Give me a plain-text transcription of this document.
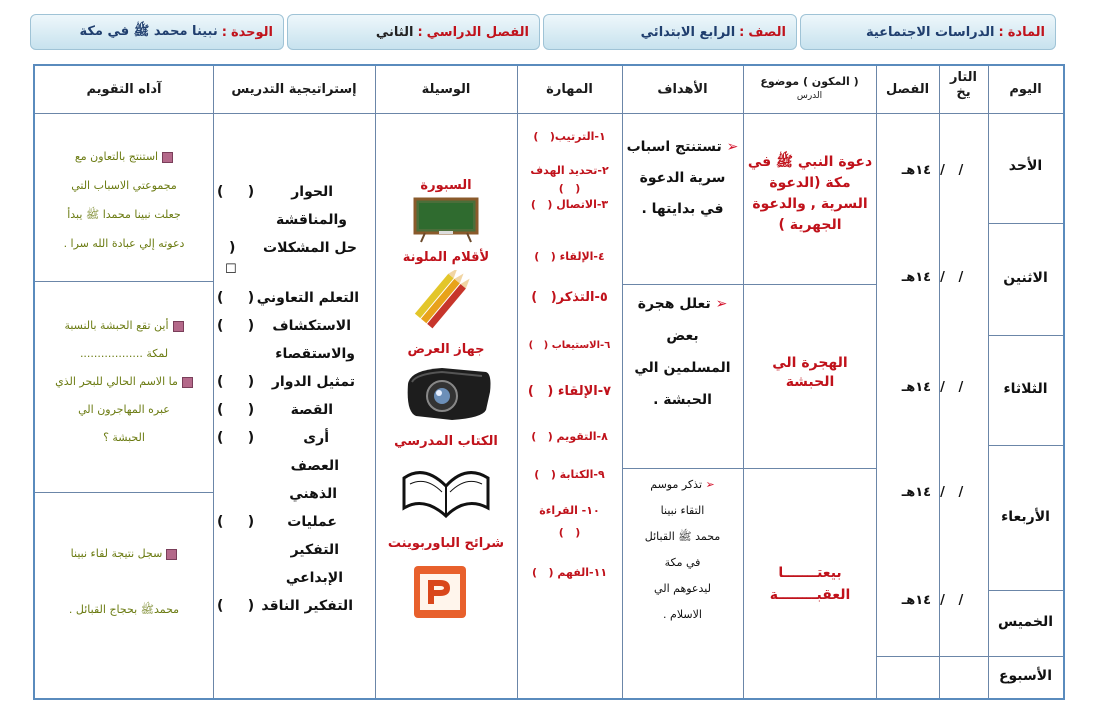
المادة
:
الدراسات الاجتماعية
الصف
:
الرابع الابتدائي
الفصل الدراسي
:
الثاني
الوحدة
:
نبينا محمد ﷺ في مكة
اليوم
التار
يخ
الفصل
( المكون ) موضوع
الدرس
الأهداف
المهارة
الوسيلة
إستراتيجية التدريس
آداه التقويم
الأحد
الاثنين
الثلاثاء
الأربعاء
الخميس
الأسبوع
/   /  ١٤هـ
/   /  ١٤هـ
/   /  ١٤هـ
/   /  ١٤هـ
/   /  ١٤هـ
دعوة النبي ﷺ في
مكة (الدعوة
السرية , والدعوة
الجهرية )
الهجرة الي
الحبشة
بيعتـــــــا
العقبــــــــة
➢ تستنتج اسباب
سرية الدعوة
في بدايتها .
➢ تعلل هجرة
بعض
المسلمين الي
الحبشة .
➢ تذكر موسم
التقاء نبينا
محمد ﷺ القبائل
في مكة
ليدعوهم الي
الاسلام .

١-الترتيب(   )

٢-تحديد الهدف

(   )

٣-الاتصال (   )

٤-الإلقاء (   )

٥-التذكر(   )

٦-الاستيعاب (   )

٧-الإلقاء (   )

٨-التقويم (   )

٩-الكتابة (   )

١٠- القراءة

(   )

١١-الفهم (   )

السبورة
لأقلام الملونة
جهاز العرض
الكتاب المدرسي
شرائح الباوربوينت
الحوار
والمناقشة
حل المشكلات
التعلم التعاوني
الاستكشاف
والاستقصاء
تمثيل الدوار
القصة
أرى
العصف
الذهني
عمليات
التفكير
الإبداعي
التفكير الناقد
(     )
(
☐
(     )
(     )
(     )
(     )
(     )
(     )
(     )
استنتج بالتعاون مع
مجموعتي الاسباب التي
جعلت نبينا محمدا ﷺ يبدأ
دعوته إلي عبادة الله سرا .
أين تقع الحبشة بالنسبة
لمكة ..................
ما الاسم الحالي للبحر الذي
عبره المهاجرون الي
الحبشة ؟
سجل نتيجة لقاء نبينا
محمدﷺ بحجاج القبائل .
